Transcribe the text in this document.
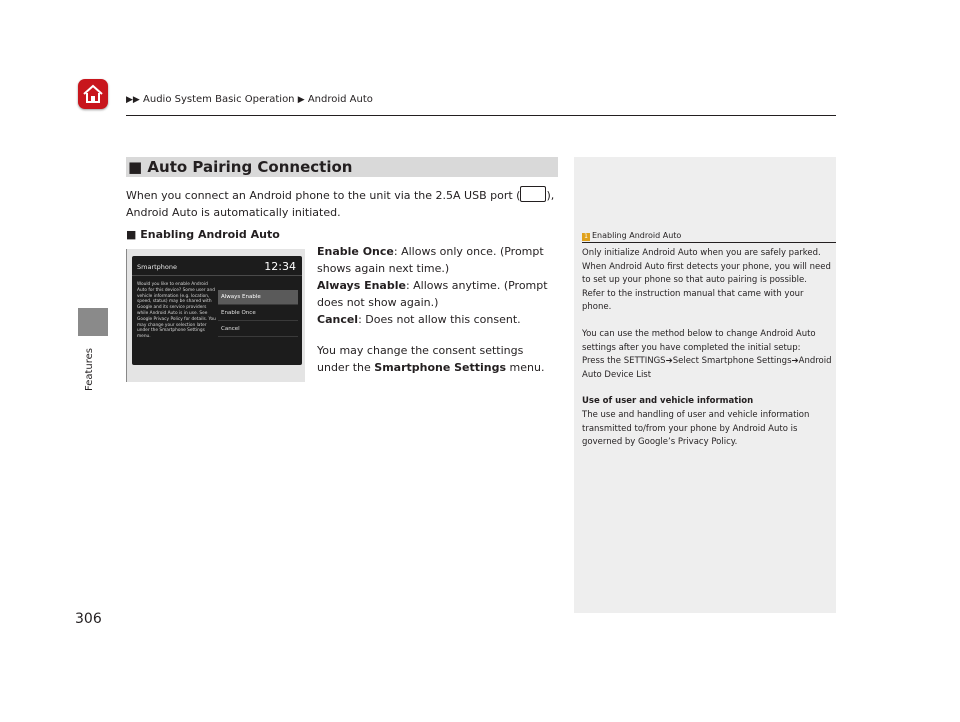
▶▶ Audio System Basic Operation ▶ Android Auto
Features
306
■ Auto Pairing Connection
When you connect an Android phone to the unit via the 2.5A USB port ( ), Android Auto is automatically initiated.
■ Enabling Android Auto
Smartphone	12:34
Would you like to enable Android Auto for this device? Some user and vehicle information (e.g. location, speed, status) may be shared with Google and its service providers while Android Auto is in use. See Google Privacy Policy for details. You may change your selection later under the Smartphone Settings menu.
Always Enable
Enable Once
Cancel

Enable Once: Allows only once. (Prompt shows again next time.)

Always Enable: Allows anytime. (Prompt does not show again.)

Cancel: Does not allow this consent.

You may change the consent settings under the Smartphone Settings menu.

1 Enabling Android Auto

Only initialize Android Auto when you are safely parked. When Android Auto first detects your phone, you will need to set up your phone so that auto pairing is possible. Refer to the instruction manual that came with your phone.

You can use the method below to change Android Auto settings after you have completed the initial setup:

Press the SETTINGS➔Select Smartphone Settings➔Android Auto Device List

Use of user and vehicle information

The use and handling of user and vehicle information transmitted to/from your phone by Android Auto is governed by Google’s Privacy Policy.
